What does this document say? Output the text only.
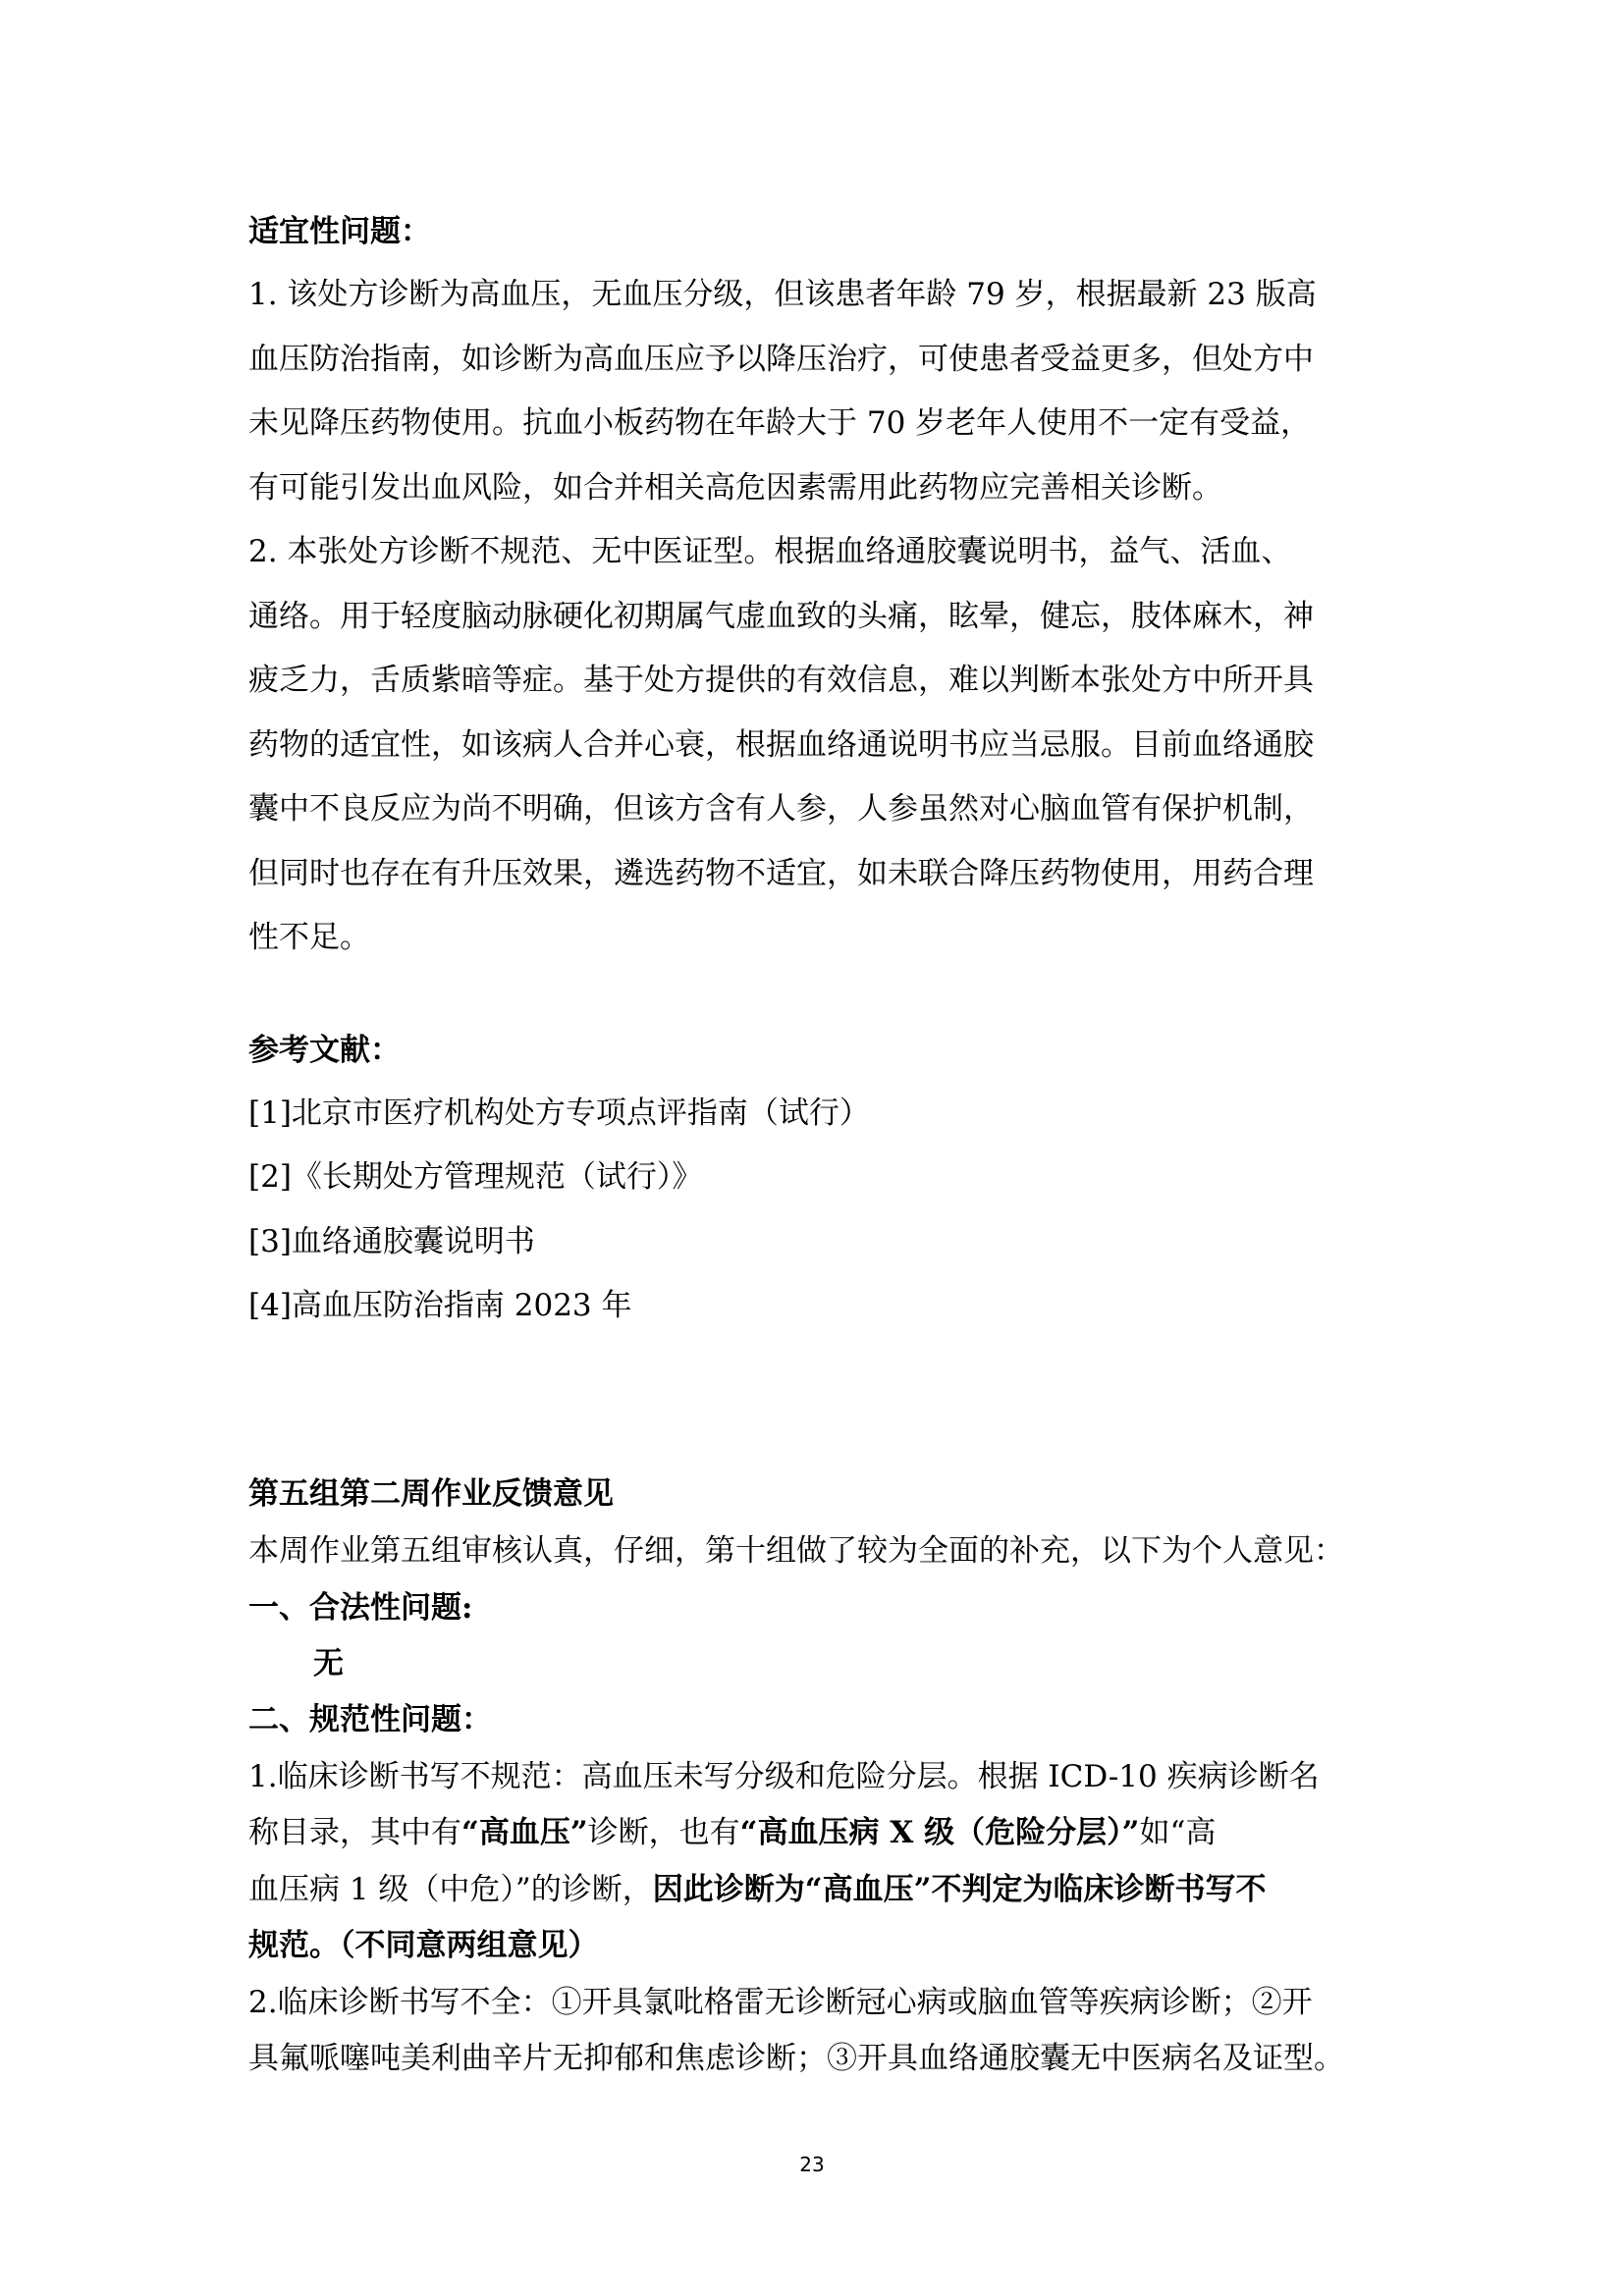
适宜性问题：
1. 该处方诊断为高血压，无血压分级，但该患者年龄 79 岁，根据最新 23 版高
血压防治指南，如诊断为高血压应予以降压治疗，可使患者受益更多，但处方中
未见降压药物使用。抗血小板药物在年龄大于 70 岁老年人使用不一定有受益，
有可能引发出血风险，如合并相关高危因素需用此药物应完善相关诊断。
2. 本张处方诊断不规范、无中医证型。根据血络通胶囊说明书，益气、活血、
通络。用于轻度脑动脉硬化初期属气虚血致的头痛，眩晕，健忘，肢体麻木，神
疲乏力，舌质紫暗等症。基于处方提供的有效信息，难以判断本张处方中所开具
药物的适宜性，如该病人合并心衰，根据血络通说明书应当忌服。目前血络通胶
囊中不良反应为尚不明确，但该方含有人参，人参虽然对心脑血管有保护机制，
但同时也存在有升压效果，遴选药物不适宜，如未联合降压药物使用，用药合理
性不足。
参考文献：
[1]北京市医疗机构处方专项点评指南（试行）
[2]《长期处方管理规范（试行）》
[3]血络通胶囊说明书
[4]高血压防治指南 2023 年
第五组第二周作业反馈意见
本周作业第五组审核认真，仔细，第十组做了较为全面的补充，以下为个人意见：
一、合法性问题:
无
二、规范性问题：
1.临床诊断书写不规范：高血压未写分级和危险分层。根据 ICD-10 疾病诊断名
称目录，其中有“高血压”诊断，也有“高血压病 X 级（危险分层）”如“高
血压病 1 级（中危）”的诊断，因此诊断为“高血压”不判定为临床诊断书写不
规范。（不同意两组意见）
2.临床诊断书写不全：①开具氯吡格雷无诊断冠心病或脑血管等疾病诊断；②开
具氟哌噻吨美利曲辛片无抑郁和焦虑诊断；③开具血络通胶囊无中医病名及证型。
23
